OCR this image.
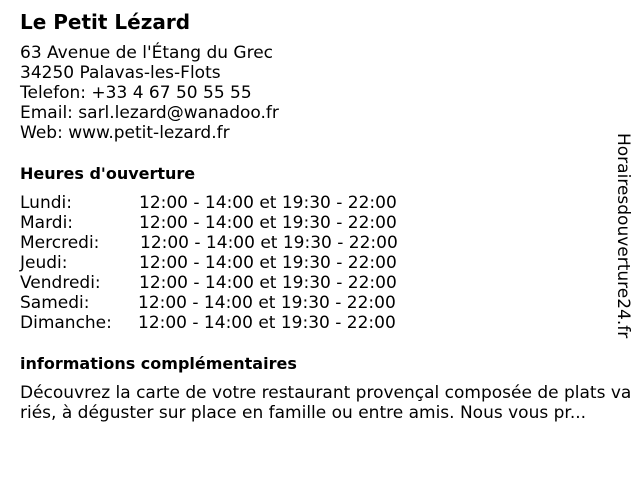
Le Petit Lézard
63 Avenue de l'Étang du Grec
34250 Palavas-les-Flots
Telefon: +33 4 67 50 55 55
Email: sarl.lezard@wanadoo.fr
Web: www.petit-lezard.fr
Heures d'ouverture
Lundi:	12:00 - 14:00 et 19:30 - 22:00
Mardi:	12:00 - 14:00 et 19:30 - 22:00
Mercredi: 12:00 - 14:00 et 19:30 - 22:00
Jeudi:	12:00 - 14:00 et 19:30 - 22:00
Vendredi: 12:00 - 14:00 et 19:30 - 22:00
Samedi:	12:00 - 14:00 et 19:30 - 22:00
Dimanche: 12:00 - 14:00 et 19:30 - 22:00
informations complémentaires

Découvrez la carte de votre restaurant provençal composée de plats variés, à déguster sur place en famille ou entre amis. Nous vous pr...

Horairesdouverture24.fr
